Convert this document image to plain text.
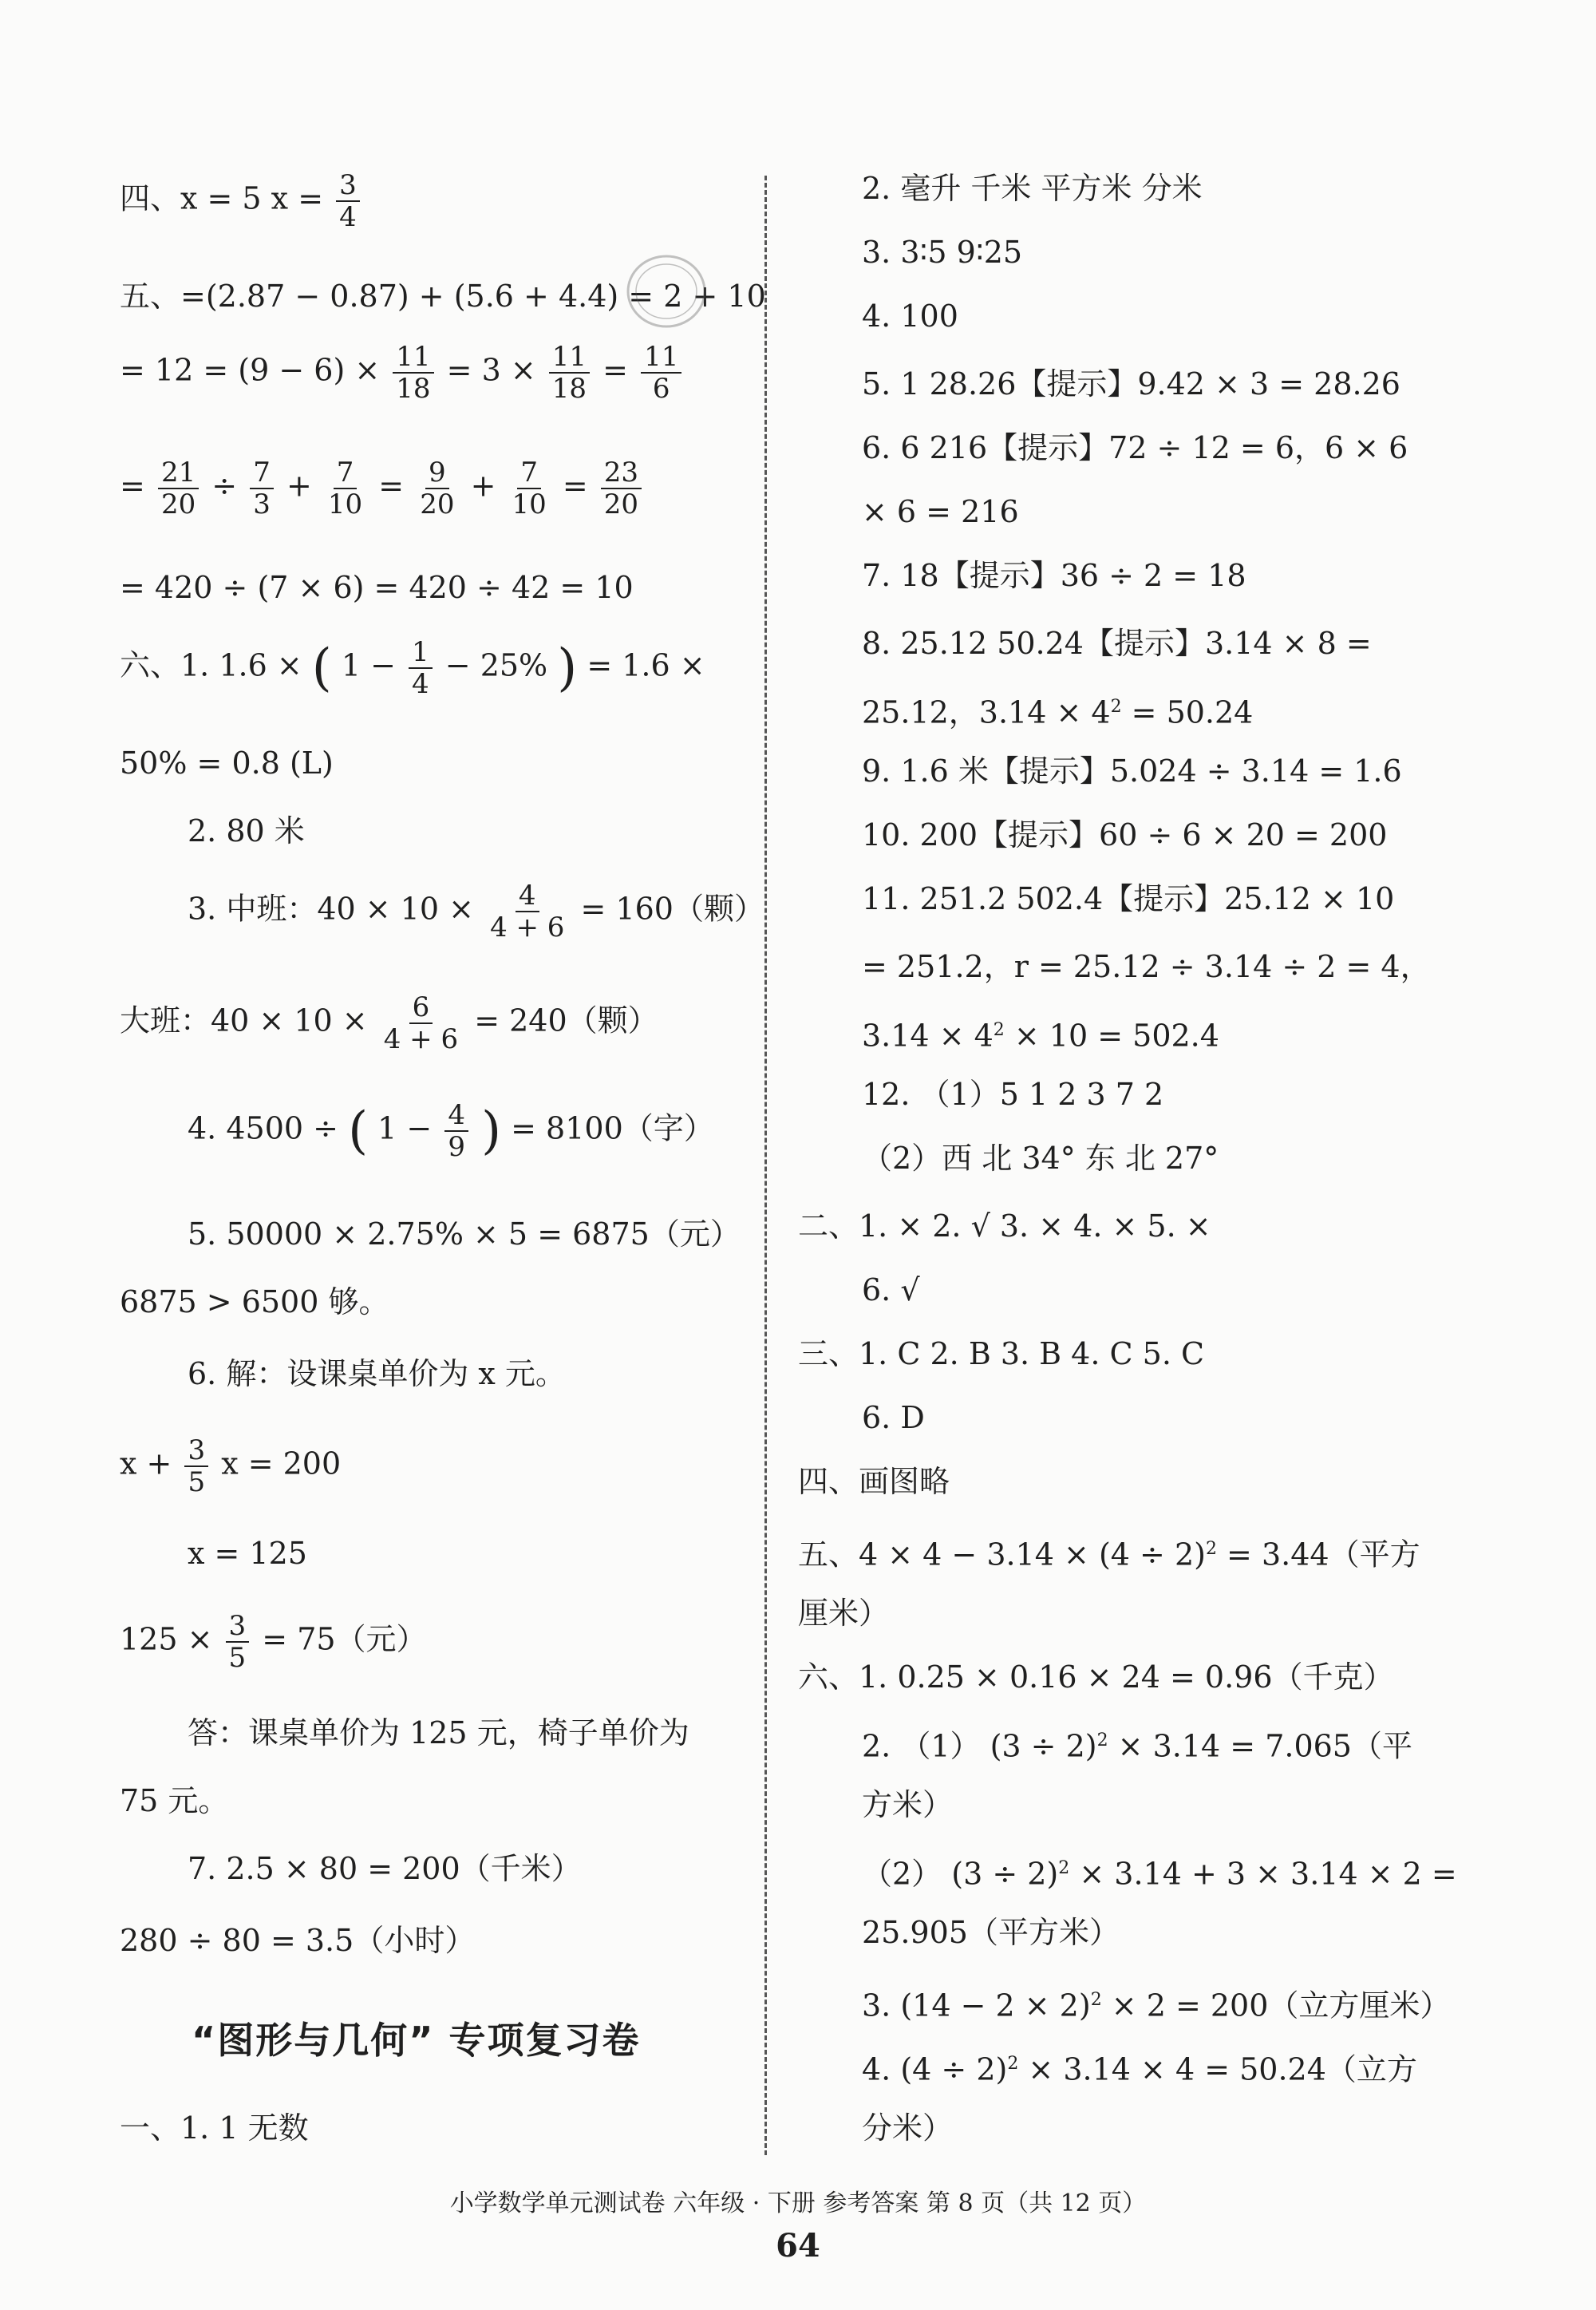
四、x = 5 $x = \frac{3}{4}$
五、=(2.87 − 0.87) + (5.6 + 4.4) = 2 + 10
= $12 = (9 - 6) \times \frac{11}{18} = 3 \times \frac{11}{18} = \frac{11}{6}$
= $\frac{21}{20} \div \frac{7}{3} + \frac{7}{10} = \frac{9}{20} + \frac{7}{10} = \frac{23}{20}$
= 420 ÷ (7 × 6) = 420 ÷ 42 = 10
六、1. 1.6 × ( $1 - \frac{1}{4} - 25\%$ ) = 1.6 ×
50% = 0.8 (L)
2. 80 米
3. 中班：$40 \times 10 \times \frac{4}{4 + 6} = 160$（颗）
大班：$40 \times 10 \times \frac{6}{4 + 6} = 240$（颗）
4. 4500 ÷ ( $1 - \frac{4}{9}$ ) = 8100（字）
5. 50000 × 2.75% × 5 = 6875（元）
6875 > 6500 够。
6. 解：设课桌单价为 x 元。
$x + \frac{3}{5}$ x = 200
x = 125
$125 \times \frac{3}{5} = 75$（元）
答：课桌单价为 125 元，椅子单价为
75 元。
7. 2.5 × 80 = 200（千米）
280 ÷ 80 = 3.5（小时）
一、1. 1 无数
“图形与几何” 专项复习卷
2. 毫升 千米 平方米 分米
3. 3∶5 9∶25
4. 100
5. 1 28.26【提示】9.42 × 3 = 28.26
6. 6 216【提示】72 ÷ 12 = 6，6 × 6
× 6 = 216
7. 18【提示】36 ÷ 2 = 18
8. 25.12 50.24【提示】3.14 × 8 =
25.12，$3.14 \times 4^2 = 50.24$
9. 1.6 米【提示】5.024 ÷ 3.14 = 1.6
10. 200【提示】60 ÷ 6 × 20 = 200
11. 251.2 502.4【提示】25.12 × 10
= 251.2，r = 25.12 ÷ 3.14 ÷ 2 = 4，
$3.14 \times 4^2 \times 10 = 502.4$
12. （1）5 1 2 3 7 2
（2）西 北 34° 东 北 27°
二、1. × 2. √ 3. × 4. × 5. ×
6. √
三、1. C 2. B 3. B 4. C 5. C
6. D
四、画图略
五、$4 \times 4 - 3.14 \times (4 \div 2)^2 = 3.44$（平方
厘米）
六、1. 0.25 × 0.16 × 24 = 0.96（千克）
2. （1） $(3 \div 2)^2 \times 3.14 = 7.065$（平
方米）
（2） $(3 \div 2)^2 \times 3.14 + 3 \times 3.14 \times 2$ =
25.905（平方米）
3. $(14 - 2 \times 2)^2 \times 2 = 200$（立方厘米）
4. $(4 \div 2)^2 \times 3.14 \times 4 = 50.24$（立方
分米）
小学数学单元测试卷 六年级 · 下册 参考答案 第 8 页（共 12 页）
64
